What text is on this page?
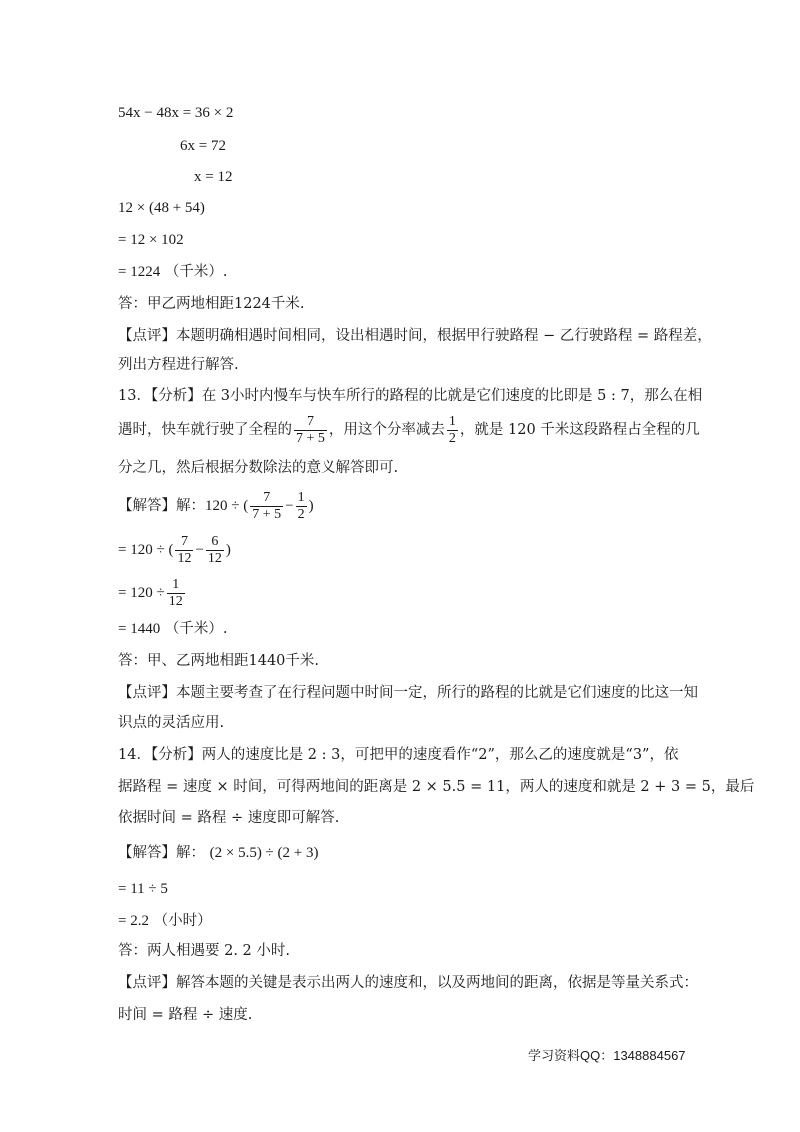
54x − 48x = 36 × 2
6x = 72
x = 12
12 × (48 + 54)
= 12 × 102
= 1224 （千米）.
答：甲乙两地相距1224千米.
【点评】本题明确相遇时间相同，设出相遇时间，根据甲行驶路程 − 乙行驶路程 = 路程差，
列出方程进行解答.
13．【分析】在 3小时内慢车与快车所行的路程的比就是它们速度的比即是 5 : 7，那么在相
遇时，快车就行驶了全程的 $\frac{7}{7 + 5}$ ，用这个分率减去 $\frac{1}{2}$ ，就是 120 千米这段路程占全程的几
分之几，然后根据分数除法的意义解答即可.
【解答】解：120 ÷ ( $\frac{7}{7 + 5} - \frac{1}{2}$ )
= 120 ÷ ( $\frac{7}{12} - \frac{6}{12}$ )
= $120 \div \frac{1}{12}$
= 1440 （千米）.
答：甲、乙两地相距1440千米.
【点评】本题主要考查了在行程问题中时间一定，所行的路程的比就是它们速度的比这一知
识点的灵活应用.
14．【分析】两人的速度比是 2 : 3，可把甲的速度看作“2”，那么乙的速度就是“3”，依
据路程 = 速度 × 时间，可得两地间的距离是 2 × 5.5 = 11，两人的速度和就是 2 + 3 = 5，最后
依据时间 = 路程 ÷ 速度即可解答.
【解答】解： (2 × 5.5) ÷ (2 + 3)
= 11 ÷ 5
= 2.2 （小时）
答：两人相遇要 2. 2 小时.
【点评】解答本题的关键是表示出两人的速度和，以及两地间的距离，依据是等量关系式：
时间 = 路程 ÷ 速度.
学习资料QQ：1348884567
